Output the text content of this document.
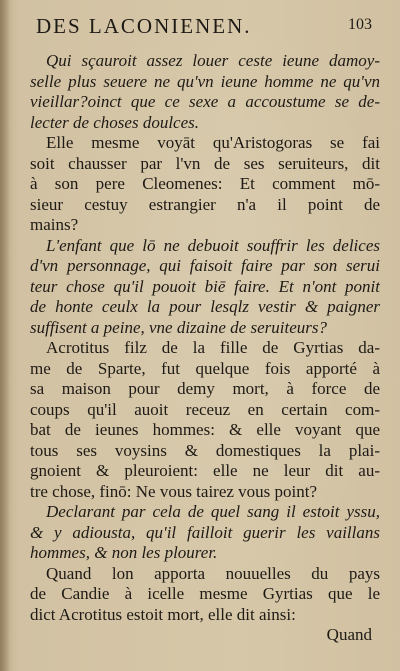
DES LACONIENEN.	103
Qui sçauroit assez louer ceste ieune damoy-
selle plus seuere ne qu'vn ieune homme ne qu'vn
vieillar?oinct que ce sexe a accoustume se de-
lecter de choses doulces.
Elle mesme voyāt qu'Aristogoras se fai
soit chausser par l'vn de ses seruiteurs, dit
à son pere Cleomenes: Et comment mō-
sieur cestuy estrangier n'a il point de
mains?
L'enfant que lō ne debuoit souffrir les delices
d'vn personnage, qui faisoit faire par son serui
teur chose qu'il pouoit biē faire. Et n'ont ponit
de honte ceulx la pour lesqlz vestir & paigner
suffisent a peine, vne dizaine de seruiteurs?
Acrotitus filz de la fille de Gyrtias da-
me de Sparte, fut quelque fois apporté à
sa maison pour demy mort, à force de
coups qu'il auoit receuz en certain com-
bat de ieunes hommes: & elle voyant que
tous ses voysins & domestiques la plai-
gnoient & pleuroient: elle ne leur dit au-
tre chose, finō: Ne vous tairez vous point?
Declarant par cela de quel sang il estoit yssu,
& y adiousta, qu'il failloit guerir les vaillans
hommes, & non les plourer.
Quand lon apporta nouuelles du pays
de Candie à icelle mesme Gyrtias que le
dict Acrotitus estoit mort, elle dit ainsi:
Quand
